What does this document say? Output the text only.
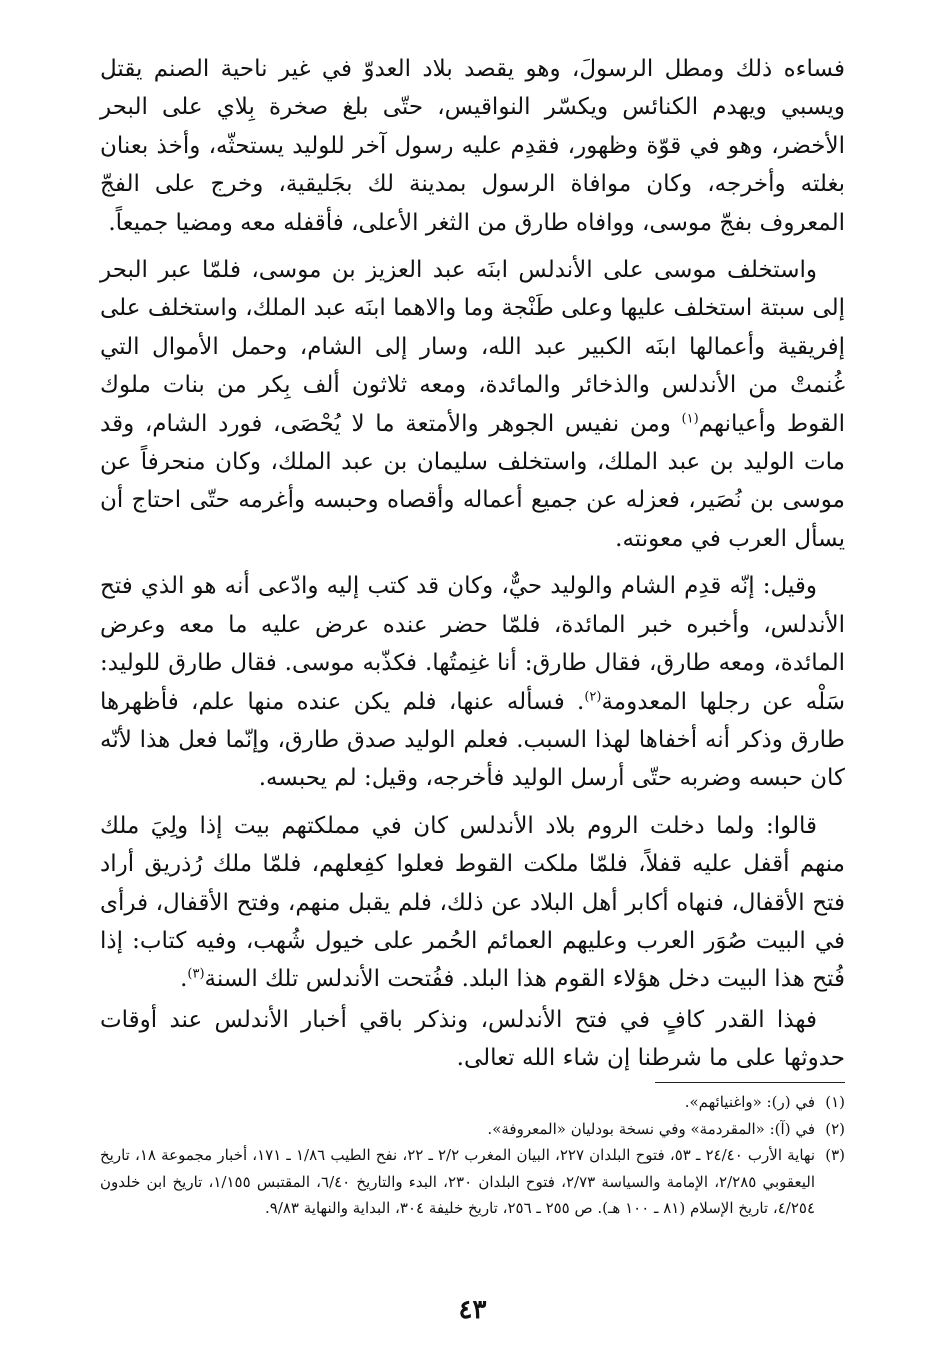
فساءه ذلك ومطل الرسولَ، وهو يقصد بلاد العدوّ في غير ناحية الصنم يقتل ويسبي ويهدم الكنائس ويكسّر النواقيس، حتّى بلغ صخرة بِلاي على البحر الأخضر، وهو في قوّة وظهور، فقدِم عليه رسول آخر للوليد يستحثّه، وأخذ بعنان بغلته وأخرجه، وكان موافاة الرسول بمدينة لك بجَليقية، وخرج على الفجّ المعروف بفجّ موسى، ووافاه طارق من الثغر الأعلى، فأقفله معه ومضيا جميعاً.

واستخلف موسى على الأندلس ابنَه عبد العزيز بن موسى، فلمّا عبر البحر إلى سبتة استخلف عليها وعلى طَنْجة وما والاهما ابنَه عبد الملك، واستخلف على إفريقية وأعمالها ابنَه الكبير عبد الله، وسار إلى الشام، وحمل الأموال التي غُنمتْ من الأندلس والذخائر والمائدة، ومعه ثلاثون ألف بِكر من بنات ملوك القوط وأعيانهم$^{(١)}$ ومن نفيس الجوهر والأمتعة ما لا يُحْصَى، فورد الشام، وقد مات الوليد بن عبد الملك، واستخلف سليمان بن عبد الملك، وكان منحرفاً عن موسى بن نُصَير، فعزله عن جميع أعماله وأقصاه وحبسه وأغرمه حتّى احتاج أن يسأل العرب في معونته.

وقيل: إنّه قدِم الشام والوليد حيٌّ، وكان قد كتب إليه وادّعى أنه هو الذي فتح الأندلس، وأخبره خبر المائدة، فلمّا حضر عنده عرض عليه ما معه وعرض المائدة، ومعه طارق، فقال طارق: أنا غنِمتُها. فكذّبه موسى. فقال طارق للوليد: سَلْه عن رجلها المعدومة$^{(٢)}$. فسأله عنها، فلم يكن عنده منها علم، فأظهرها طارق وذكر أنه أخفاها لهذا السبب. فعلم الوليد صدق طارق، وإنّما فعل هذا لأنّه كان حبسه وضربه حتّى أرسل الوليد فأخرجه، وقيل: لم يحبسه.

قالوا: ولما دخلت الروم بلاد الأندلس كان في مملكتهم بيت إذا ولِيَ ملك منهم أقفل عليه قفلاً، فلمّا ملكت القوط فعلوا كفِعلهم، فلمّا ملك رُذريق أراد فتح الأقفال، فنهاه أكابر أهل البلاد عن ذلك، فلم يقبل منهم، وفتح الأقفال، فرأى في البيت صُوَر العرب وعليهم العمائم الحُمر على خيول شُهب، وفيه كتاب: إذا فُتح هذا البيت دخل هؤلاء القوم هذا البلد. ففُتحت الأندلس تلك السنة$^{(٣)}$.

فهذا القدر كافٍ في فتح الأندلس، ونذكر باقي أخبار الأندلس عند أوقات حدوثها على ما شرطنا إن شاء الله تعالى.

(١)
في (ر): «واغنيائهم».
(٢)
في (آ): «المقردمة» وفي نسخة بودليان «المعروفة».
(٣)
نهاية الأرب ٢٤/٤٠ ـ ٥٣، فتوح البلدان ٢٢٧، البيان المغرب ٢/٢ ـ ٢٢، نفح الطيب ١/٨٦ ـ ١٧١، أخبار مجموعة ١٨، تاريخ اليعقوبي ٢/٢٨٥، الإمامة والسياسة ٢/٧٣، فتوح البلدان ٢٣٠، البدء والتاريخ ٦/٤٠، المقتبس ١/١٥٥، تاريخ ابن خلدون ٤/٢٥٤، تاريخ الإسلام (٨١ ـ ١٠٠ هـ). ص ٢٥٥ ـ ٢٥٦، تاريخ خليفة ٣٠٤، البداية والنهاية ٩/٨٣.
٤٣
